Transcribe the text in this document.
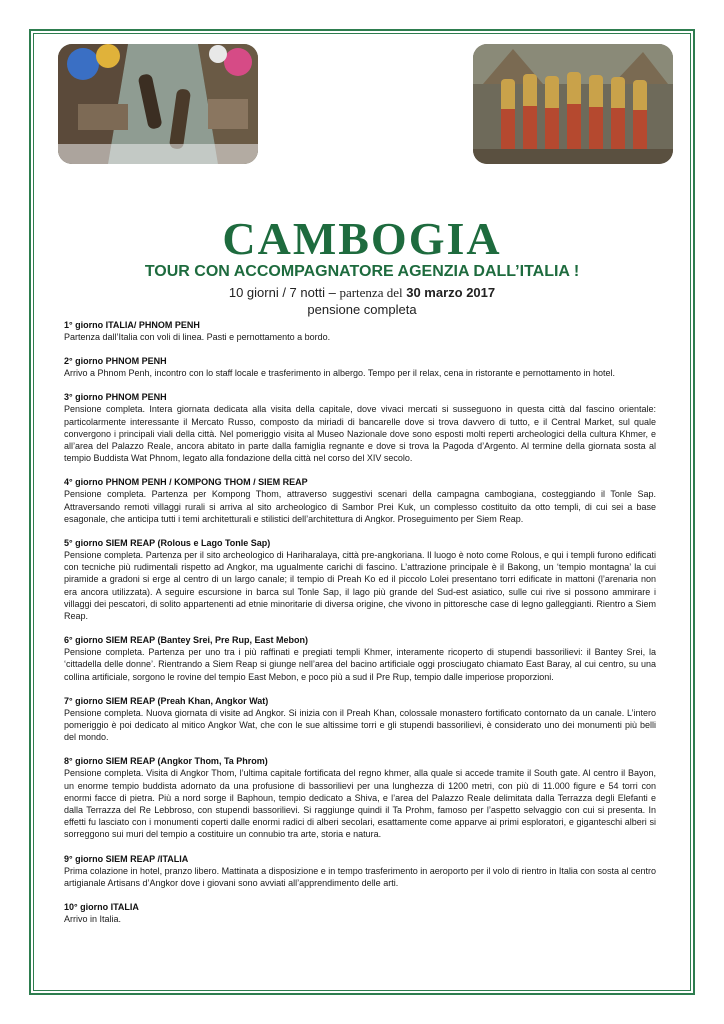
CAMBOGIA
TOUR CON ACCOMPAGNATORE AGENZIA DALL’ITALIA !
10 giorni / 7 notti – partenza del 30 marzo 2017
pensione completa
1° giorno ITALIA/ PHNOM PENH

Partenza dall’Italia con voli di linea. Pasti e pernottamento a bordo.

2° giorno PHNOM PENH

Arrivo a Phnom Penh, incontro con lo staff locale e trasferimento in albergo. Tempo per il relax, cena in ristorante e pernottamento in hotel.

3° giorno PHNOM PENH

Pensione completa. Intera giornata dedicata alla visita della capitale, dove vivaci mercati si susseguono in questa città dal fascino orientale: particolarmente interessante il Mercato Russo, composto da miriadi di bancarelle dove si trova davvero di tutto, e il Central Market, sul quale convergono i principali viali della città. Nel pomeriggio visita al Museo Nazionale dove sono esposti molti reperti archeologici della cultura Khmer, e all’area del Palazzo Reale, ancora abitato in parte dalla famiglia regnante e dove si trova la Pagoda d’Argento. Al termine della giornata sosta al tempio Buddista Wat Phnom, legato alla fondazione della città nel corso del XIV secolo.

4° giorno PHNOM PENH / KOMPONG THOM / SIEM REAP

Pensione completa. Partenza per Kompong Thom, attraverso suggestivi scenari della campagna cambogiana, costeggiando il Tonle Sap. Attraversando remoti villaggi rurali si arriva al sito archeologico di Sambor Prei Kuk, un complesso costituito da otto templi, di cui sei a base esagonale, che anticipa tutti i temi architetturali e stilistici dell’architettura di Angkor. Proseguimento per Siem Reap.

5° giorno SIEM REAP (Rolous e Lago Tonle Sap)

Pensione completa. Partenza per il sito archeologico di Hariharalaya, città pre-angkoriana. Il luogo è noto come Rolous, e qui i templi furono edificati con tecniche più rudimentali rispetto ad Angkor, ma ugualmente carichi di fascino. L’attrazione principale è il Bakong, un ‘tempio montagna’ la cui piramide a gradoni si erge al centro di un largo canale; il tempio di Preah Ko ed il piccolo Lolei presentano torri edificate in mattoni (l’arenaria non era ancora utilizzata). A seguire escursione in barca sul Tonle Sap, il lago più grande del Sud-est asiatico, sulle cui rive si possono ammirare i villaggi dei pescatori, di solito appartenenti ad etnie minoritarie di diversa origine, che vivono in pittoresche case di legno galleggianti. Rientro a Siem Reap.

6° giorno SIEM REAP (Bantey Srei, Pre Rup, East Mebon)

Pensione completa. Partenza per uno tra i più raffinati e pregiati templi Khmer, interamente ricoperto di stupendi bassorilievi: il Bantey Srei, la ‘cittadella delle donne’. Rientrando a Siem Reap si giunge nell’area del bacino artificiale oggi prosciugato chiamato East Baray, al cui centro, su una collina artificiale, sorgono le rovine del tempio East Mebon, e poco più a sud il Pre Rup, tempio dalle imperiose proporzioni.

7° giorno SIEM REAP (Preah Khan, Angkor Wat)

Pensione completa. Nuova giornata di visite ad Angkor. Si inizia con il Preah Khan, colossale monastero fortificato contornato da un canale. L’intero pomeriggio è poi dedicato al mitico Angkor Wat, che con le sue altissime torri e gli stupendi bassorilievi, è considerato uno dei monumenti più belli del mondo.

8° giorno SIEM REAP (Angkor Thom, Ta Phrom)

Pensione completa. Visita di Angkor Thom, l’ultima capitale fortificata del regno khmer, alla quale si accede tramite il South gate. Al centro il Bayon, un enorme tempio buddista adornato da una profusione di bassorilievi per una lunghezza di 1200 metri, con più di 11.000 figure e 54 torri con enormi facce di pietra. Più a nord sorge il Baphoun, tempio dedicato a Shiva, e l’area del Palazzo Reale delimitata dalla Terrazza degli Elefanti e dalla Terrazza del Re Lebbroso, con stupendi bassorilievi. Si raggiunge quindi il Ta Prohm, famoso per l’aspetto selvaggio con cui si presenta. In effetti fu lasciato con i monumenti coperti dalle enormi radici di alberi secolari, esattamente come apparve ai primi esploratori, e giganteschi alberi si sorreggono sui muri del tempio a costituire un connubio tra arte, storia e natura.

9° giorno SIEM REAP /ITALIA

Prima colazione in hotel, pranzo libero. Mattinata a disposizione e in tempo trasferimento in aeroporto per il volo di rientro in Italia con sosta al centro artigianale Artisans d’Angkor dove i giovani sono avviati all’apprendimento delle arti.

10° giorno ITALIA

Arrivo in Italia.
